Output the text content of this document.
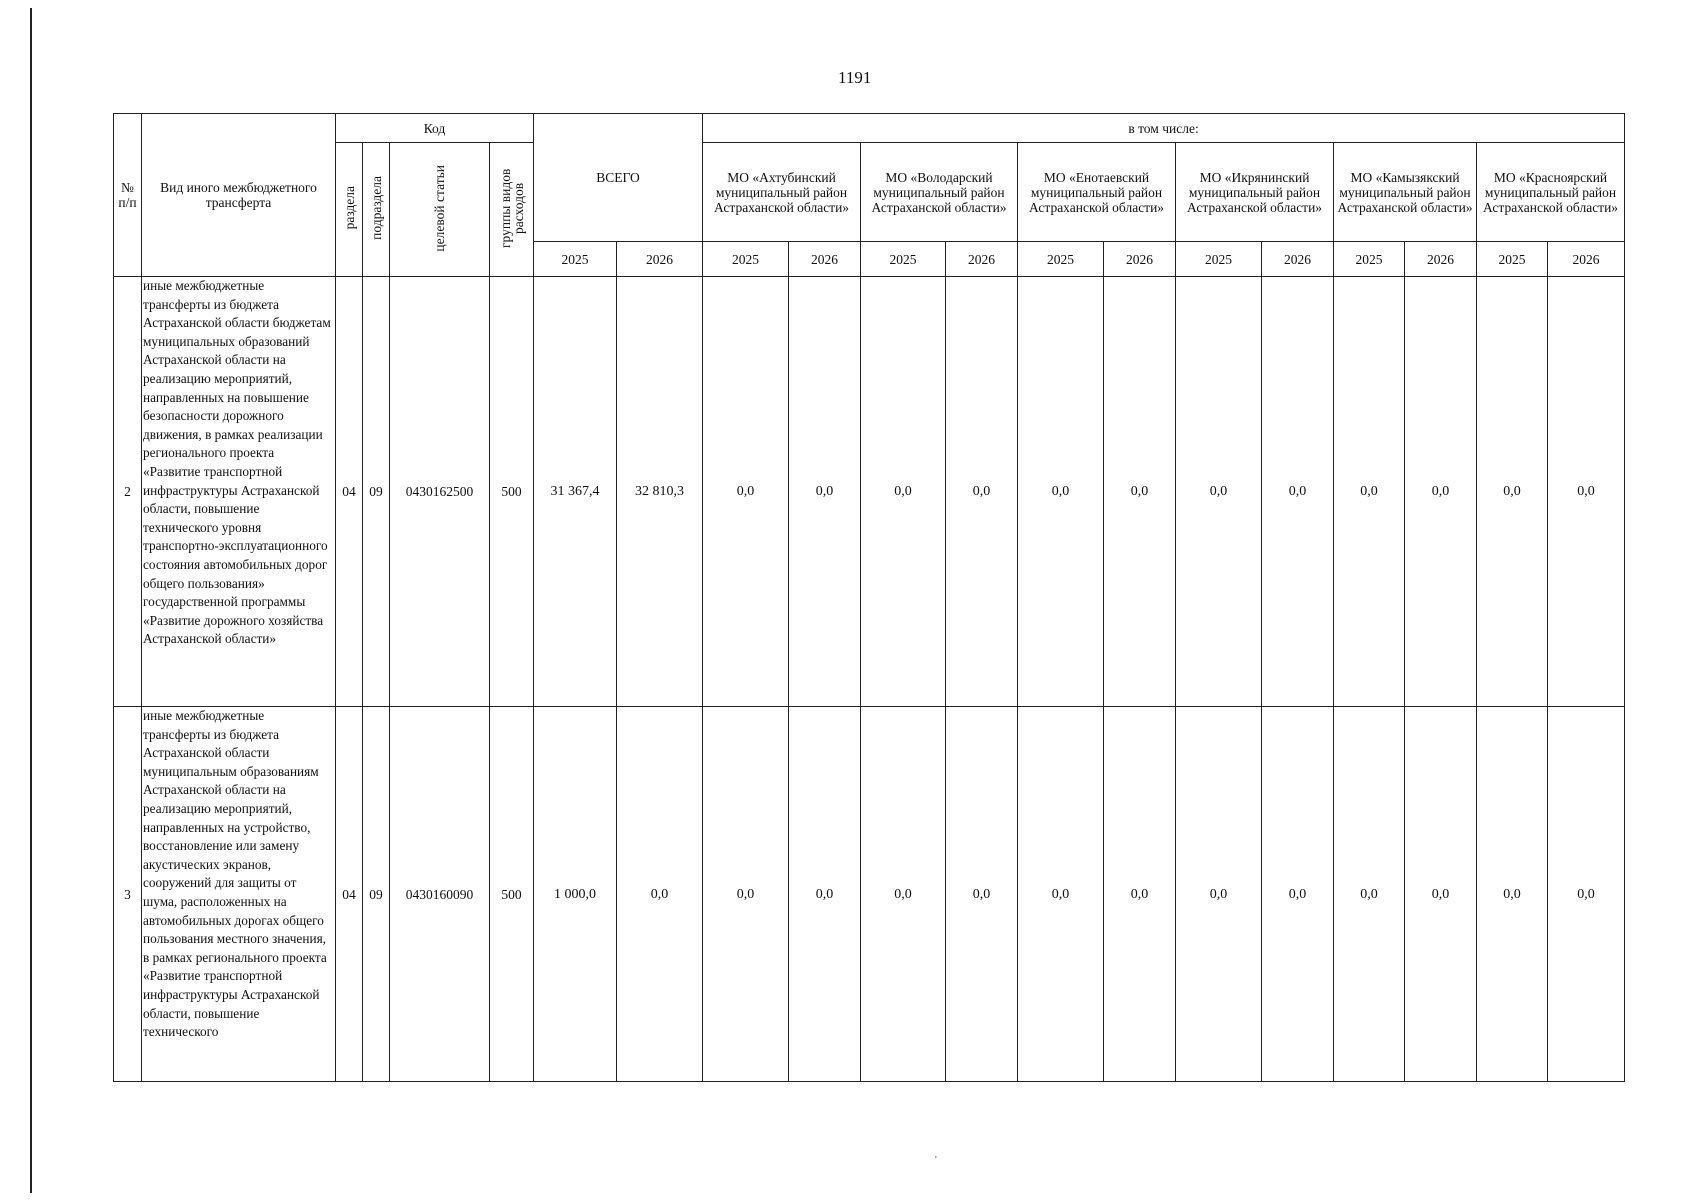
1191
№ п/п	Вид иного межбюджетного трансферта	Код				ВСЕГО		в том числе:											
		раздела	подраздела	целевой статьи	группы видов расходов			МО «Ахтубинский муниципальный район Астраханской области»		МО «Володарский муниципальный район Астраханской области»		МО «Енотаевский муниципальный район Астраханской области»		МО «Икрянинский муниципальный район Астраханской области»		МО «Камызякский муниципальный район Астраханской области»		МО «Красноярский муниципальный район Астраханской области»	
						2025	2026	2025	2026	2025	2026	2025	2026	2025	2026	2025	2026	2025	2026
2	иные межбюджетные трансферты из бюджета Астраханской области бюджетам муниципальных образований Астраханской области на реализацию мероприятий, направленных на повышение безопасности дорожного движения, в рамках реализации регионального проекта «Развитие транспортной инфраструктуры Астраханской области, повышение технического уровня транспортно-эксплуатационного состояния автомобильных дорог общего пользования» государственной программы «Развитие дорожного хозяйства Астраханской области»	04	09	0430162500	500	31 367,4	32 810,3	0,0	0,0	0,0	0,0	0,0	0,0	0,0	0,0	0,0	0,0	0,0	0,0
3	иные межбюджетные трансферты из бюджета Астраханской области муниципальным образованиям Астраханской области на реализацию мероприятий, направленных на устройство, восстановление или замену акустических экранов, сооружений для защиты от шума, расположенных на автомобильных дорогах общего пользования местного значения, в рамках регионального проекта «Развитие транспортной инфраструктуры Астраханской области, повышение технического	04	09	0430160090	500	1 000,0	0,0	0,0	0,0	0,0	0,0	0,0	0,0	0,0	0,0	0,0	0,0	0,0	0,0
'
